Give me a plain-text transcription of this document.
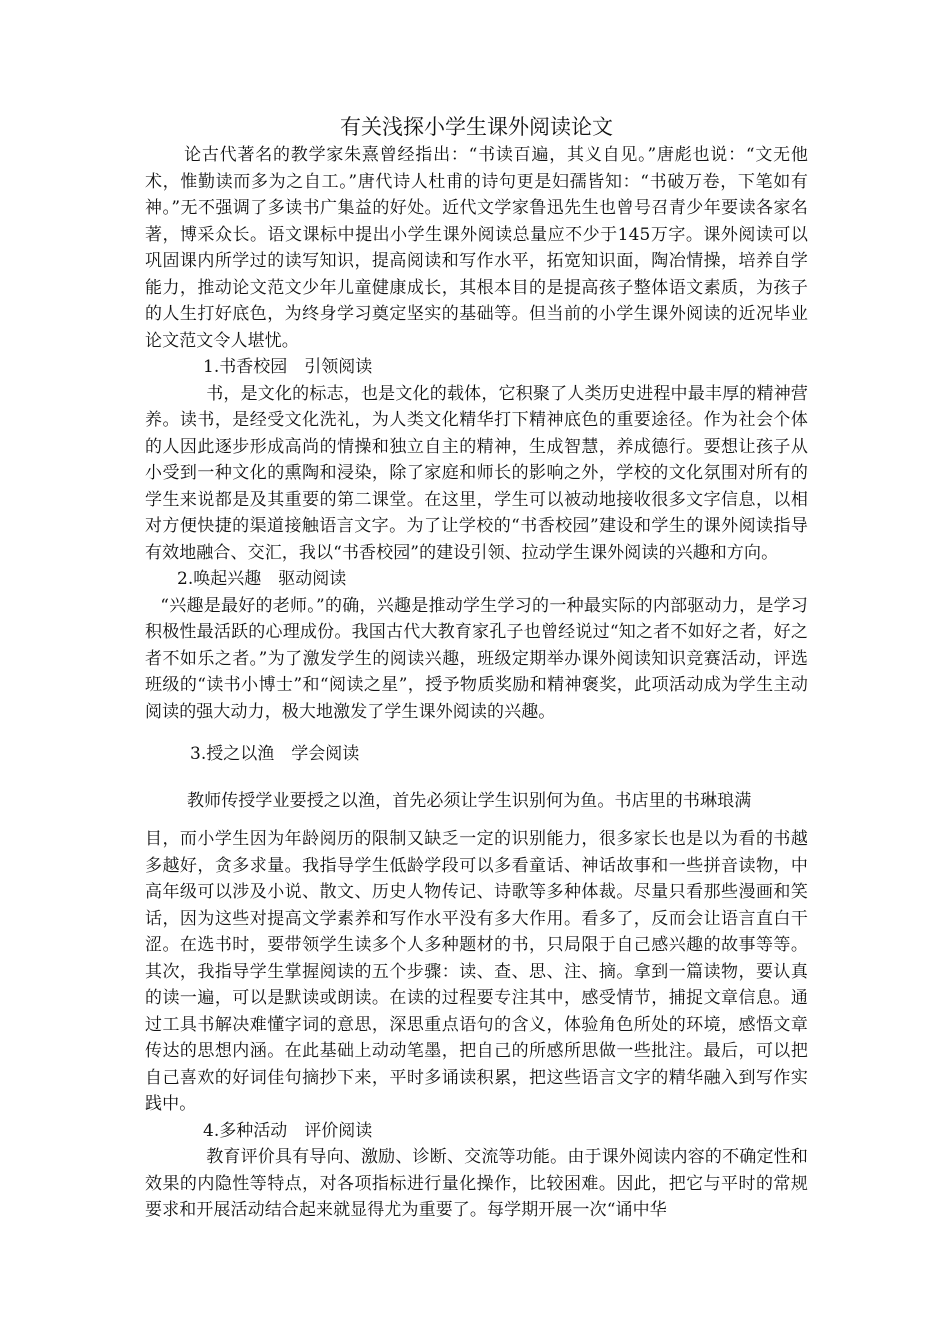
有关浅探小学生课外阅读论文

论古代著名的教学家朱熹曾经指出：“书读百遍，其义自见。”唐彪也说：“文无他术，惟勤读而多为之自工。”唐代诗人杜甫的诗句更是妇孺皆知：“书破万卷，下笔如有神。”无不强调了多读书广集益的好处。近代文学家鲁迅先生也曾号召青少年要读各家名著，博采众长。语文课标中提出小学生课外阅读总量应不少于145万字。课外阅读可以巩固课内所学过的读写知识，提高阅读和写作水平，拓宽知识面，陶冶情操，培养自学能力，推动论文范文少年儿童健康成长，其根本目的是提高孩子整体语文素质，为孩子的人生打好底色，为终身学习奠定坚实的基础等。但当前的小学生课外阅读的近况毕业论文范文令人堪忧。

1.书香校园　引领阅读

书，是文化的标志，也是文化的载体，它积聚了人类历史进程中最丰厚的精神营养。读书，是经受文化洗礼，为人类文化精华打下精神底色的重要途径。作为社会个体的人因此逐步形成高尚的情操和独立自主的精神，生成智慧，养成德行。要想让孩子从小受到一种文化的熏陶和浸染，除了家庭和师长的影响之外，学校的文化氛围对所有的学生来说都是及其重要的第二课堂。在这里，学生可以被动地接收很多文字信息，以相对方便快捷的渠道接触语言文字。为了让学校的“书香校园”建设和学生的课外阅读指导有效地融合、交汇，我以“书香校园”的建设引领、拉动学生课外阅读的兴趣和方向。

2.唤起兴趣　驱动阅读

“兴趣是最好的老师。”的确，兴趣是推动学生学习的一种最实际的内部驱动力，是学习积极性最活跃的心理成份。我国古代大教育家孔子也曾经说过“知之者不如好之者，好之者不如乐之者。”为了激发学生的阅读兴趣，班级定期举办课外阅读知识竞赛活动，评选班级的“读书小博士”和“阅读之星”，授予物质奖励和精神褒奖，此项活动成为学生主动阅读的强大动力，极大地激发了学生课外阅读的兴趣。

3.授之以渔　学会阅读

教师传授学业要授之以渔，首先必须让学生识别何为鱼。书店里的书琳琅满
目，而小学生因为年龄阅历的限制又缺乏一定的识别能力，很多家长也是以为看的书越多越好，贪多求量。我指导学生低龄学段可以多看童话、神话故事和一些拼音读物，中高年级可以涉及小说、散文、历史人物传记、诗歌等多种体裁。尽量只看那些漫画和笑话，因为这些对提高文学素养和写作水平没有多大作用。看多了，反而会让语言直白干涩。在选书时，要带领学生读多个人多种题材的书，只局限于自己感兴趣的故事等等。其次，我指导学生掌握阅读的五个步骤：读、查、思、注、摘。拿到一篇读物，要认真的读一遍，可以是默读或朗读。在读的过程要专注其中，感受情节，捕捉文章信息。通过工具书解决难懂字词的意思，深思重点语句的含义，体验角色所处的环境，感悟文章传达的思想内涵。在此基础上动动笔墨，把自己的所感所思做一些批注。最后，可以把自己喜欢的好词佳句摘抄下来，平时多诵读积累，把这些语言文字的精华融入到写作实践中。

4.多种活动　评价阅读

教育评价具有导向、激励、诊断、交流等功能。由于课外阅读内容的不确定性和效果的内隐性等特点，对各项指标进行量化操作，比较困难。因此，把它与平时的常规要求和开展活动结合起来就显得尤为重要了。每学期开展一次“诵中华
